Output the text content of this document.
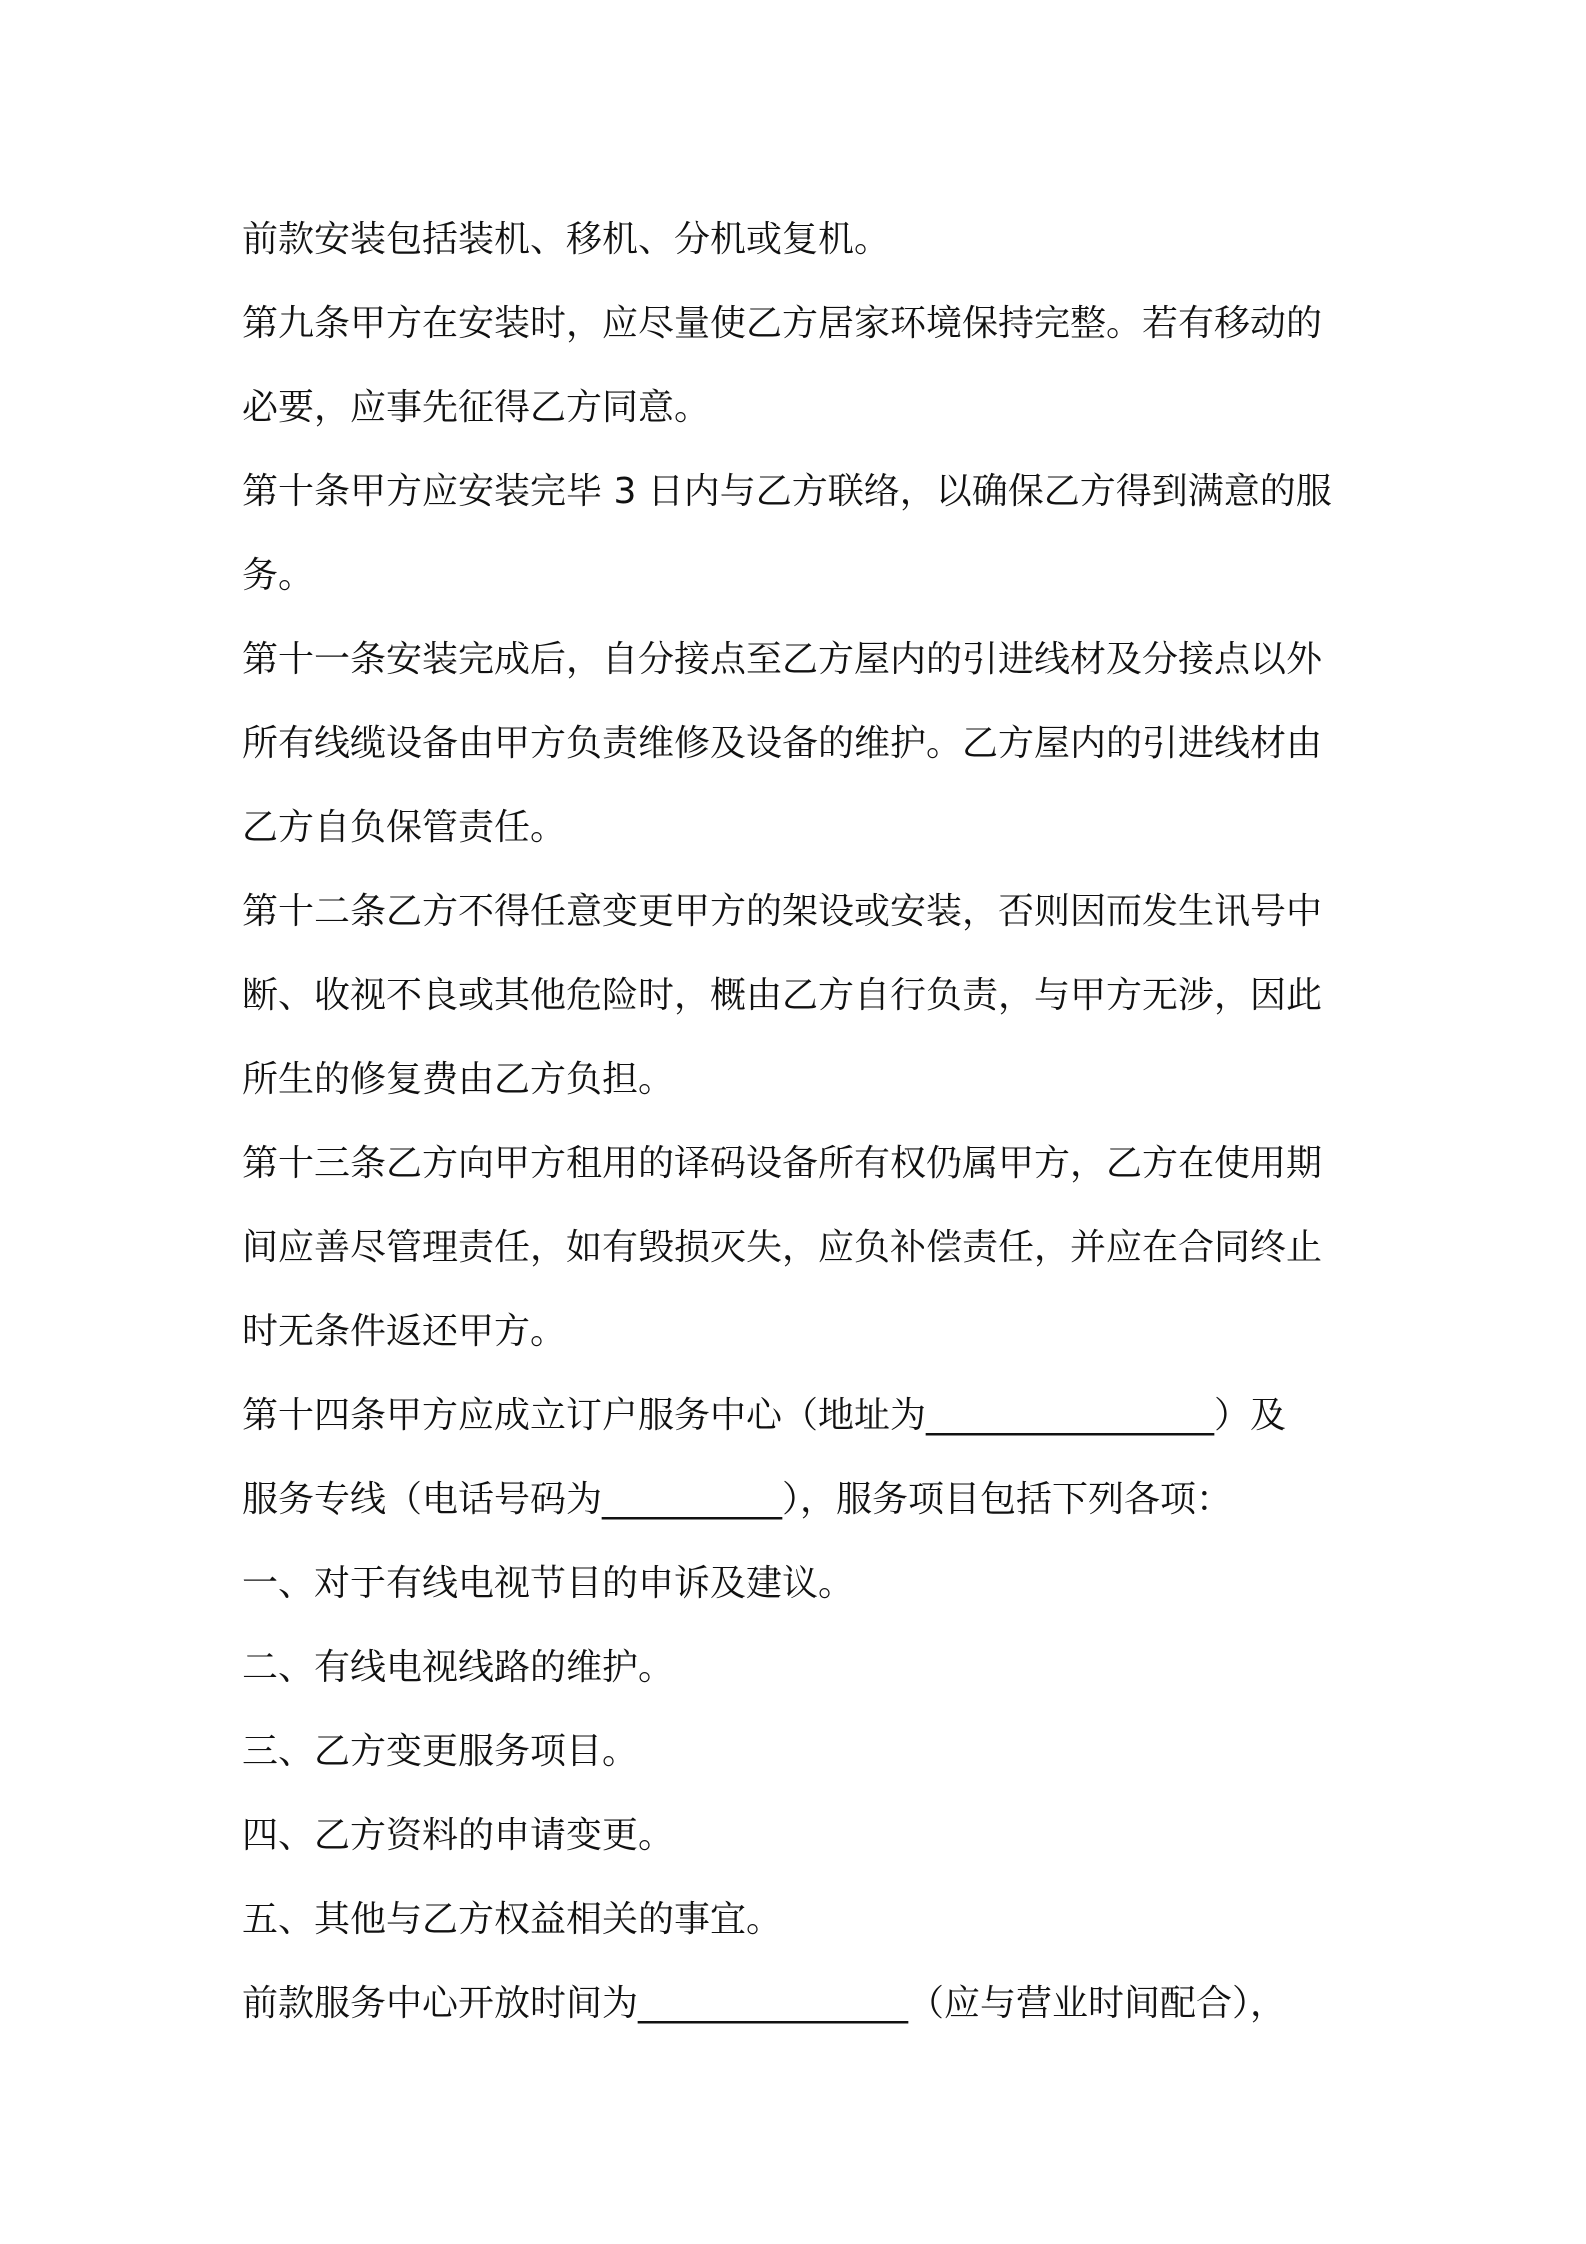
前款安装包括装机、移机、分机或复机。
第九条甲方在安装时，应尽量使乙方居家环境保持完整。若有移动的
必要，应事先征得乙方同意。
第十条甲方应安装完毕 3 日内与乙方联络，以确保乙方得到满意的服
务。
第十一条安装完成后，自分接点至乙方屋内的引进线材及分接点以外
所有线缆设备由甲方负责维修及设备的维护。乙方屋内的引进线材由
乙方自负保管责任。
第十二条乙方不得任意变更甲方的架设或安装，否则因而发生讯号中
断、收视不良或其他危险时，概由乙方自行负责，与甲方无涉，因此
所生的修复费由乙方负担。
第十三条乙方向甲方租用的译码设备所有权仍属甲方，乙方在使用期
间应善尽管理责任，如有毁损灭失，应负补偿责任，并应在合同终止
时无条件返还甲方。
第十四条甲方应成立订户服务中心（地址为________________）及
服务专线（电话号码为__________），服务项目包括下列各项：
一、对于有线电视节目的申诉及建议。
二、有线电视线路的维护。
三、乙方变更服务项目。
四、乙方资料的申请变更。
五、其他与乙方权益相关的事宜。
前款服务中心开放时间为_______________（应与营业时间配合），
